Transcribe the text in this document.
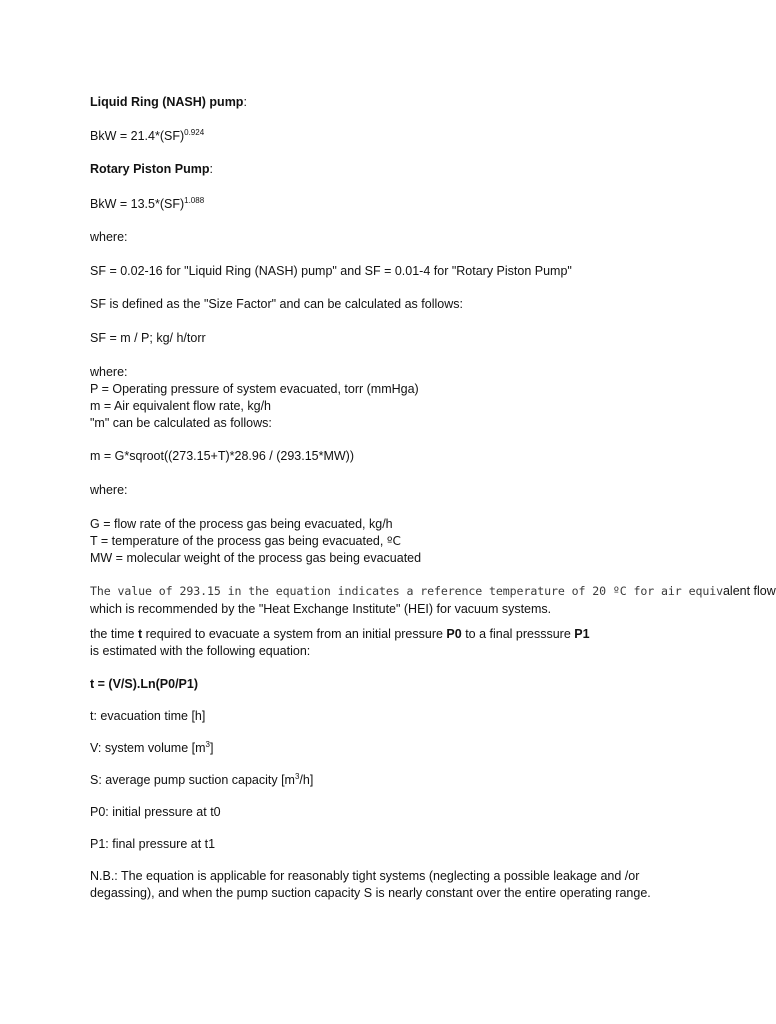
Liquid Ring (NASH) pump:
BkW = 21.4*(SF)$^{0.924}$
Rotary Piston Pump:
BkW = 13.5*(SF)$^{1.088}$
where:
SF = 0.02-16 for "Liquid Ring (NASH) pump" and SF = 0.01-4 for "Rotary Piston Pump"
SF is defined as the "Size Factor" and can be calculated as follows:
SF = m / P; kg/ h/torr
where:
P = Operating pressure of system evacuated, torr (mmHga)
m = Air equivalent flow rate, kg/h
"m" can be calculated as follows:
m = G*sqroot((273.15+T)*28.96 / (293.15*MW))
where:
G = flow rate of the process gas being evacuated, kg/h
T = temperature of the process gas being evacuated, ºC
MW = molecular weight of the process gas being evacuated
The value of 293.15 in the equation indicates a reference temperature of 20 ºC for air equivalent flow
which is recommended by the "Heat Exchange Institute" (HEI) for vacuum systems.
the time t required to evacuate a system from an initial pressure P0 to a final presssure P1
is estimated with the following equation:
t = (V/S).Ln(P0/P1)
t: evacuation time [h]
V: system volume $[m^3]$
S: average pump suction capacity $[m^3/h]$
P0: initial pressure at t0
P1: final pressure at t1
N.B.: The equation is applicable for reasonably tight systems (neglecting a possible leakage and /or
degassing), and when the pump suction capacity S is nearly constant over the entire operating range.
